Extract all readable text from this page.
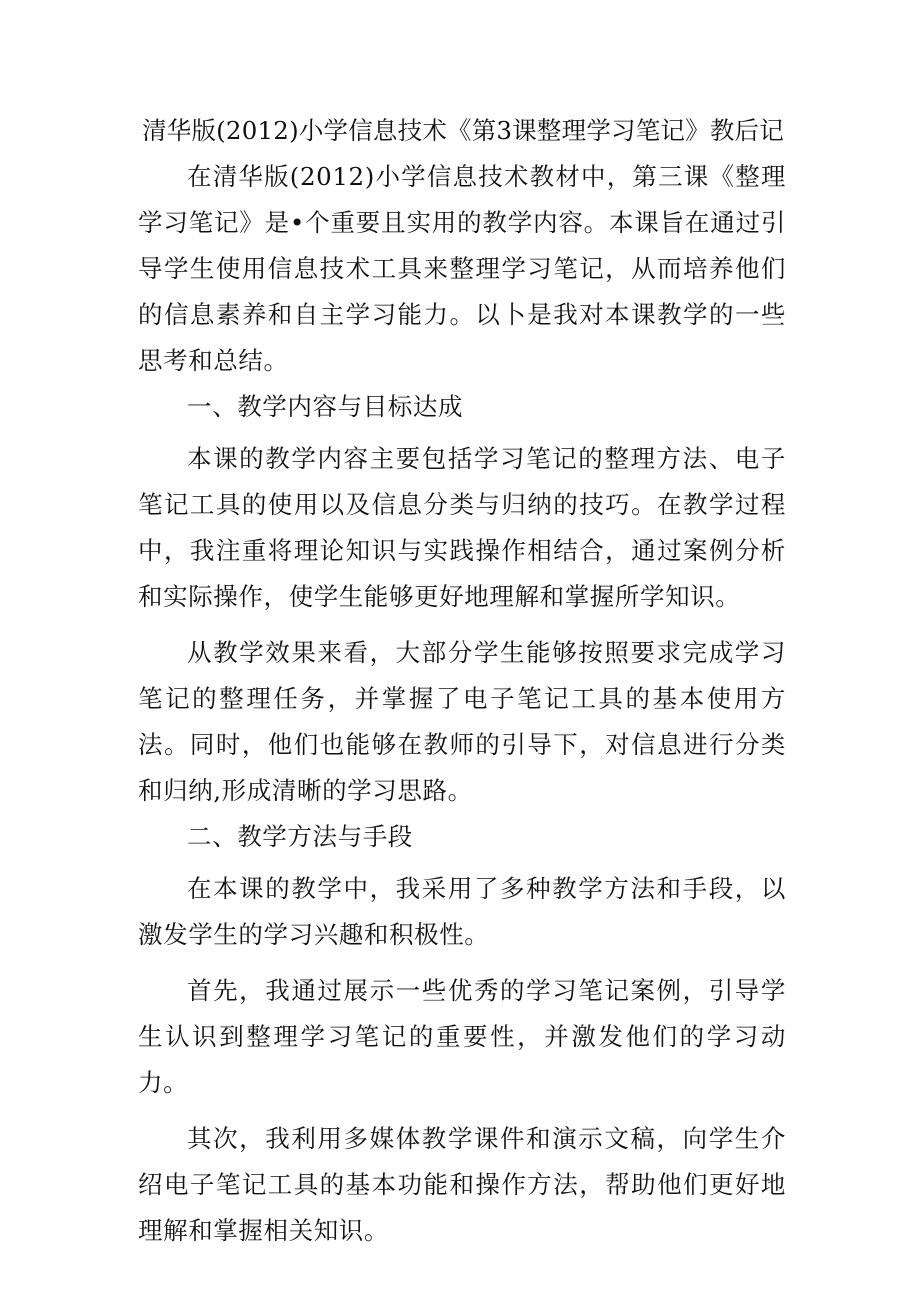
清华版(2012)小学信息技术《第3课整理学习笔记》教后记

在清华版(2012)小学信息技术教材中，第三课《整理学习笔记》是•个重要且实用的教学内容。本课旨在通过引导学生使用信息技术工具来整理学习笔记，从而培养他们的信息素养和自主学习能力。以卜是我对本课教学的一些思考和总结。

一、教学内容与目标达成

本课的教学内容主要包括学习笔记的整理方法、电子笔记工具的使用以及信息分类与归纳的技巧。在教学过程中，我注重将理论知识与实践操作相结合，通过案例分析和实际操作，使学生能够更好地理解和掌握所学知识。

从教学效果来看，大部分学生能够按照要求完成学习笔记的整理任务，并掌握了电子笔记工具的基本使用方法。同时，他们也能够在教师的引导下，对信息进行分类和归纳,形成清晰的学习思路。

二、教学方法与手段

在本课的教学中，我采用了多种教学方法和手段，以激发学生的学习兴趣和积极性。

首先，我通过展示一些优秀的学习笔记案例，引导学生认识到整理学习笔记的重要性，并激发他们的学习动力。

其次，我利用多媒体教学课件和演示文稿，向学生介绍电子笔记工具的基本功能和操作方法，帮助他们更好地理解和掌握相关知识。
